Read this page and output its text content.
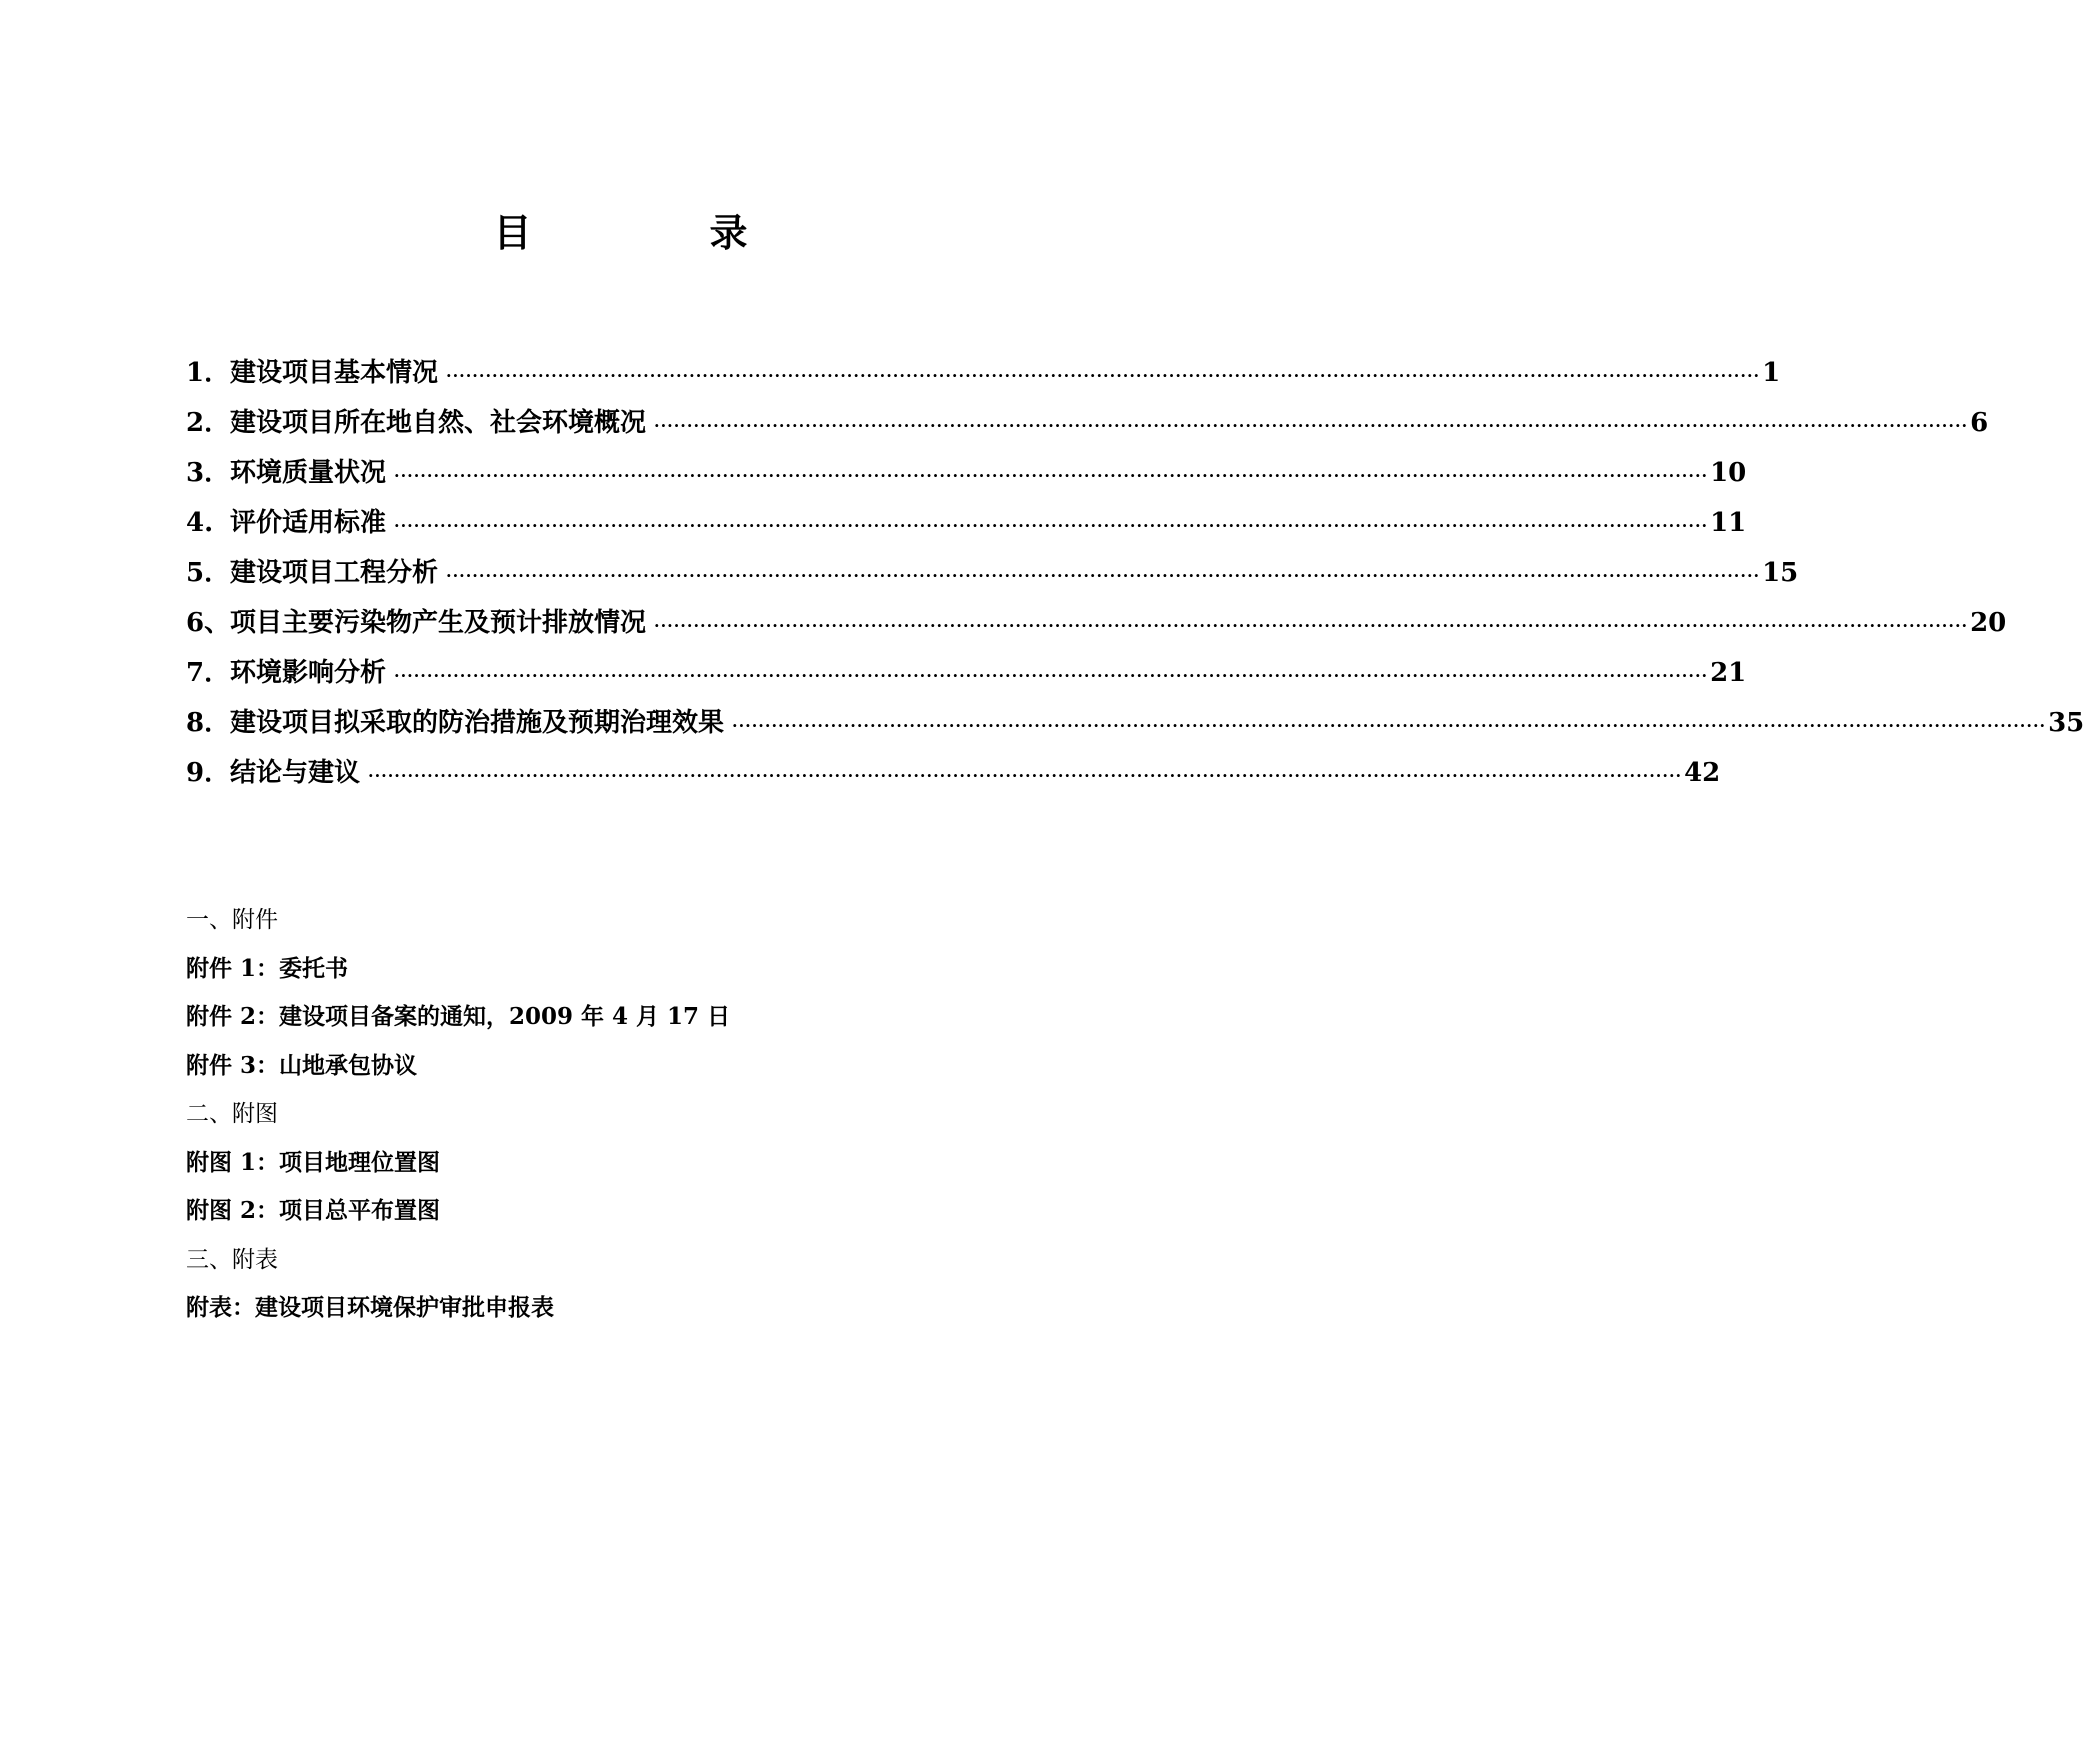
目　录
1． 建设项目基本情况 ········································································································································································································ 1
2． 建设项目所在地自然、社会环境概况 ········································································································································································································ 6
3． 环境质量状况 ········································································································································································································ 10
4. 评价适用标准 ········································································································································································································ 11
5． 建设项目工程分析 ········································································································································································································ 15
6、 项目主要污染物产生及预计排放情况 ········································································································································································································ 20
7． 环境影响分析 ········································································································································································································ 21
8． 建设项目拟采取的防治措施及预期治理效果 ········································································································································································································ 35
9． 结论与建议 ········································································································································································································ 42
一、附件
附件 1：委托书
附件 2：建设项目备案的通知，2009 年 4 月 17 日
附件 3：山地承包协议
二、附图
附图 1：项目地理位置图
附图 2：项目总平布置图
三、附表
附表：建设项目环境保护审批申报表
